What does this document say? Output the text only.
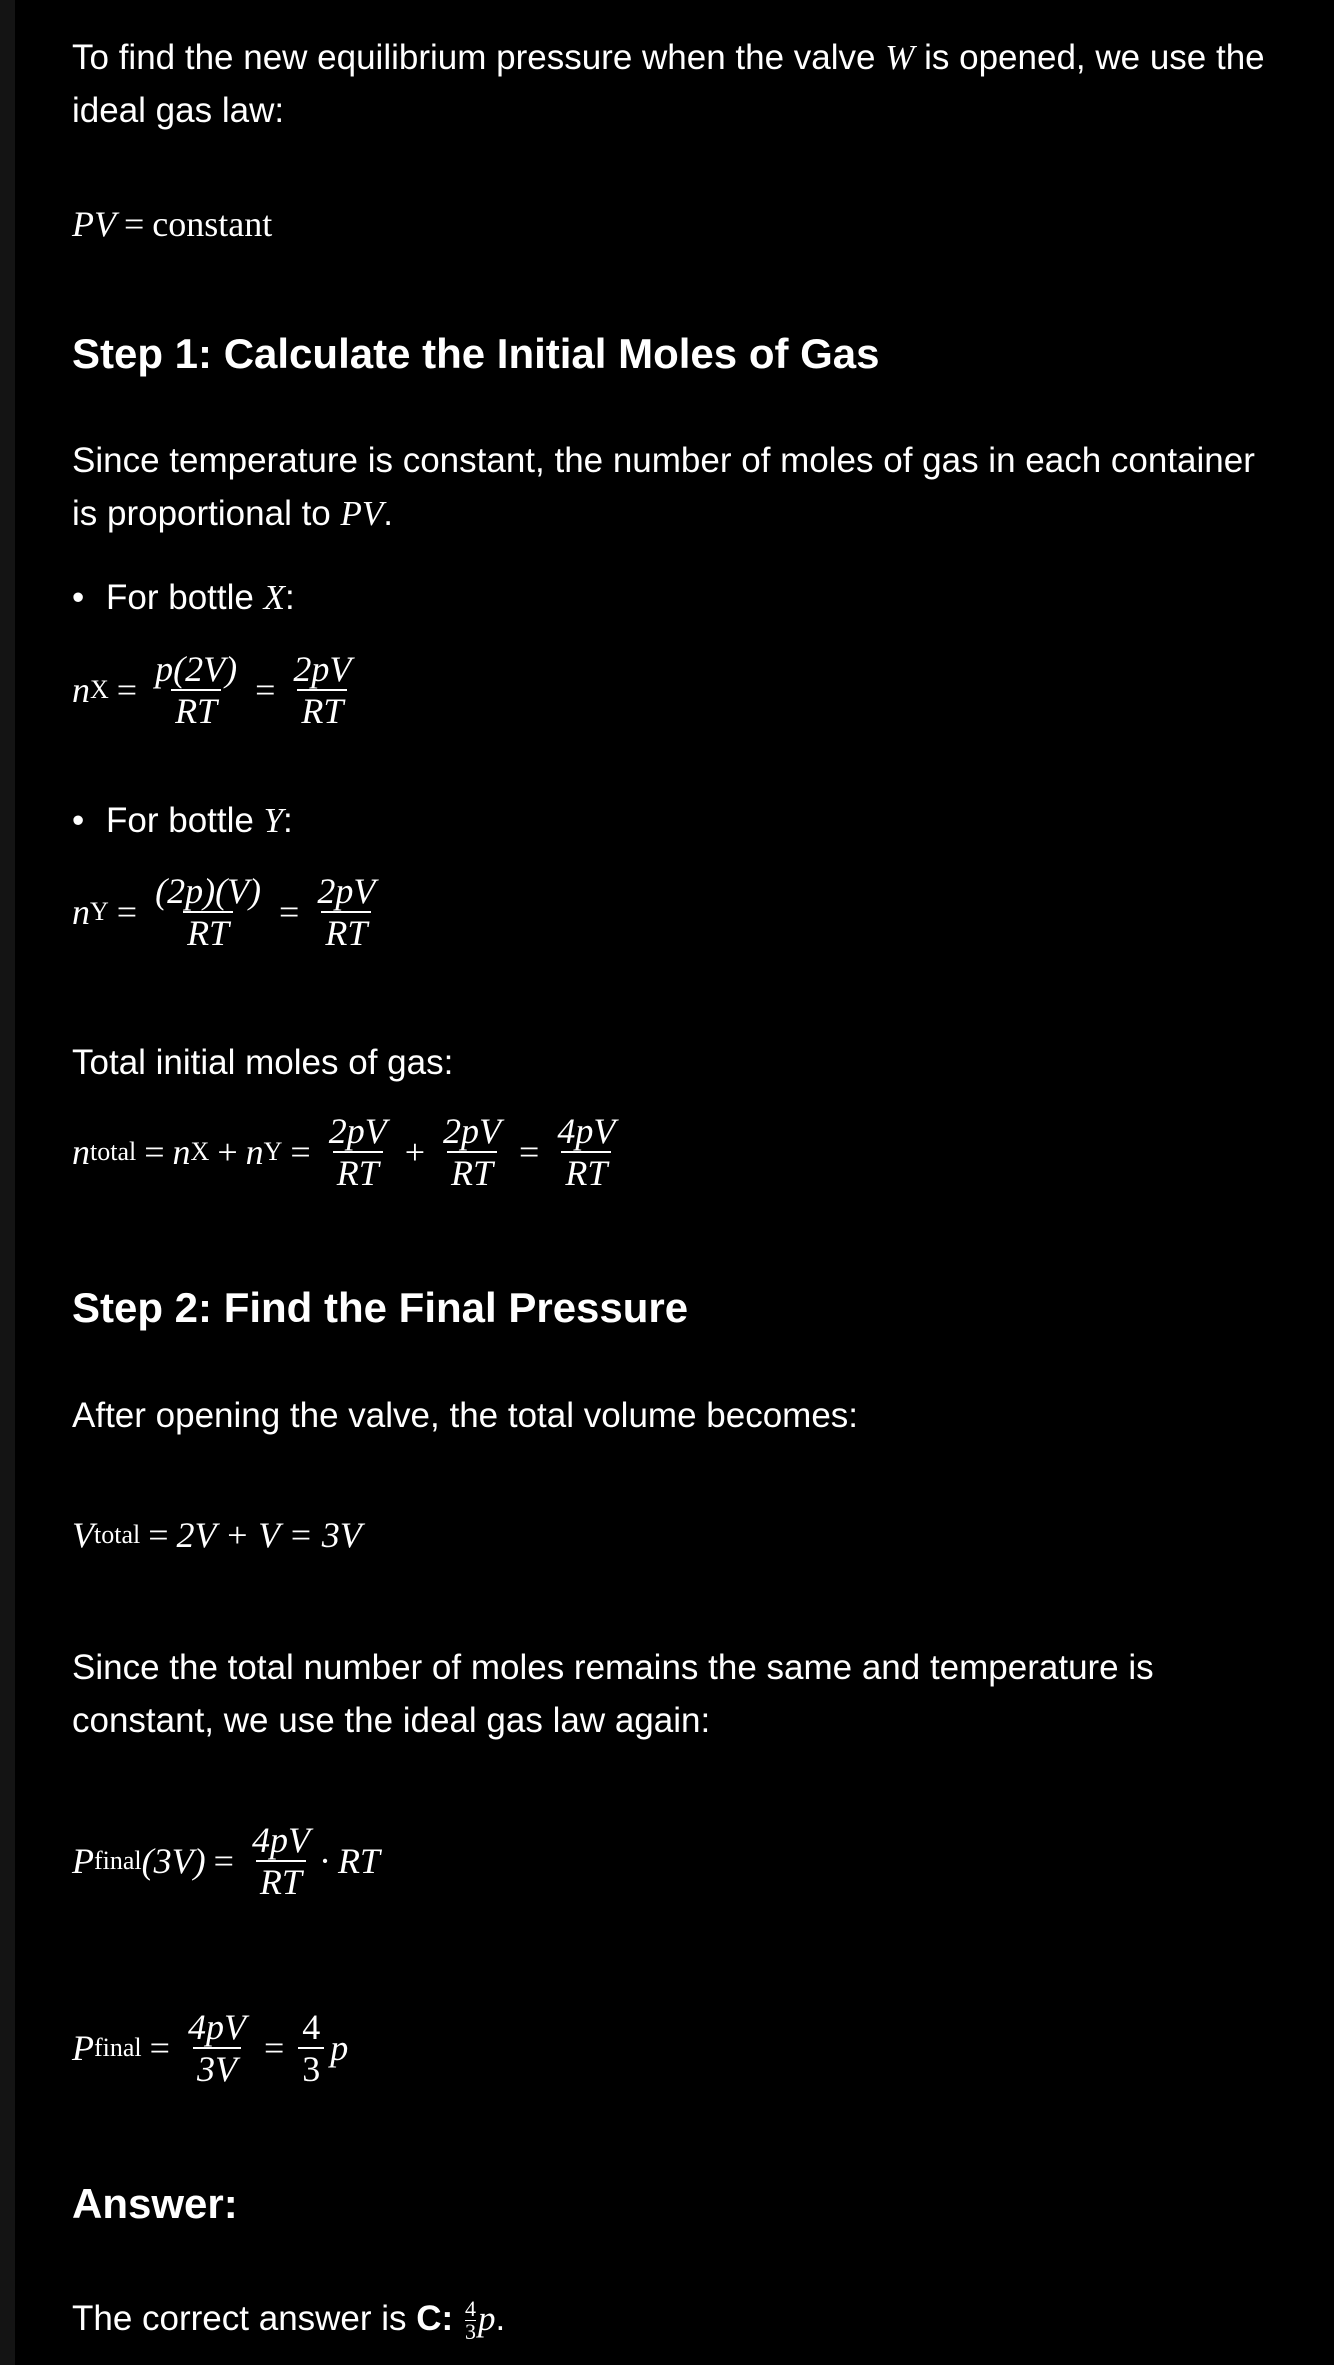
To find the new equilibrium pressure when the valve W is opened, we use the ideal gas law:
PV = constant
Step 1: Calculate the Initial Moles of Gas
Since temperature is constant, the number of moles of gas in each container is proportional to PV.
• For bottle X:
n $X = \frac{p(2V)}{RT} = \frac{2pV}{RT}$
• For bottle Y:
n $Y = \frac{(2p)(V)}{RT} = \frac{2pV}{RT}$
Total initial moles of gas:
n total = n X + n $Y = \frac{2pV}{RT} + \frac{2pV}{RT} = \frac{4pV}{RT}$
Step 2: Find the Final Pressure
After opening the valve, the total volume becomes:
V total = 2V + V = 3V
Since the total number of moles remains the same and temperature is constant, we use the ideal gas law again:
P final $(3V) = \frac{4pV}{RT}$ · RT
P final = $\frac{4pV}{3V} = \frac{4}{3}$ p
Answer:
The correct answer is C: $\frac{4}{3} p$.
